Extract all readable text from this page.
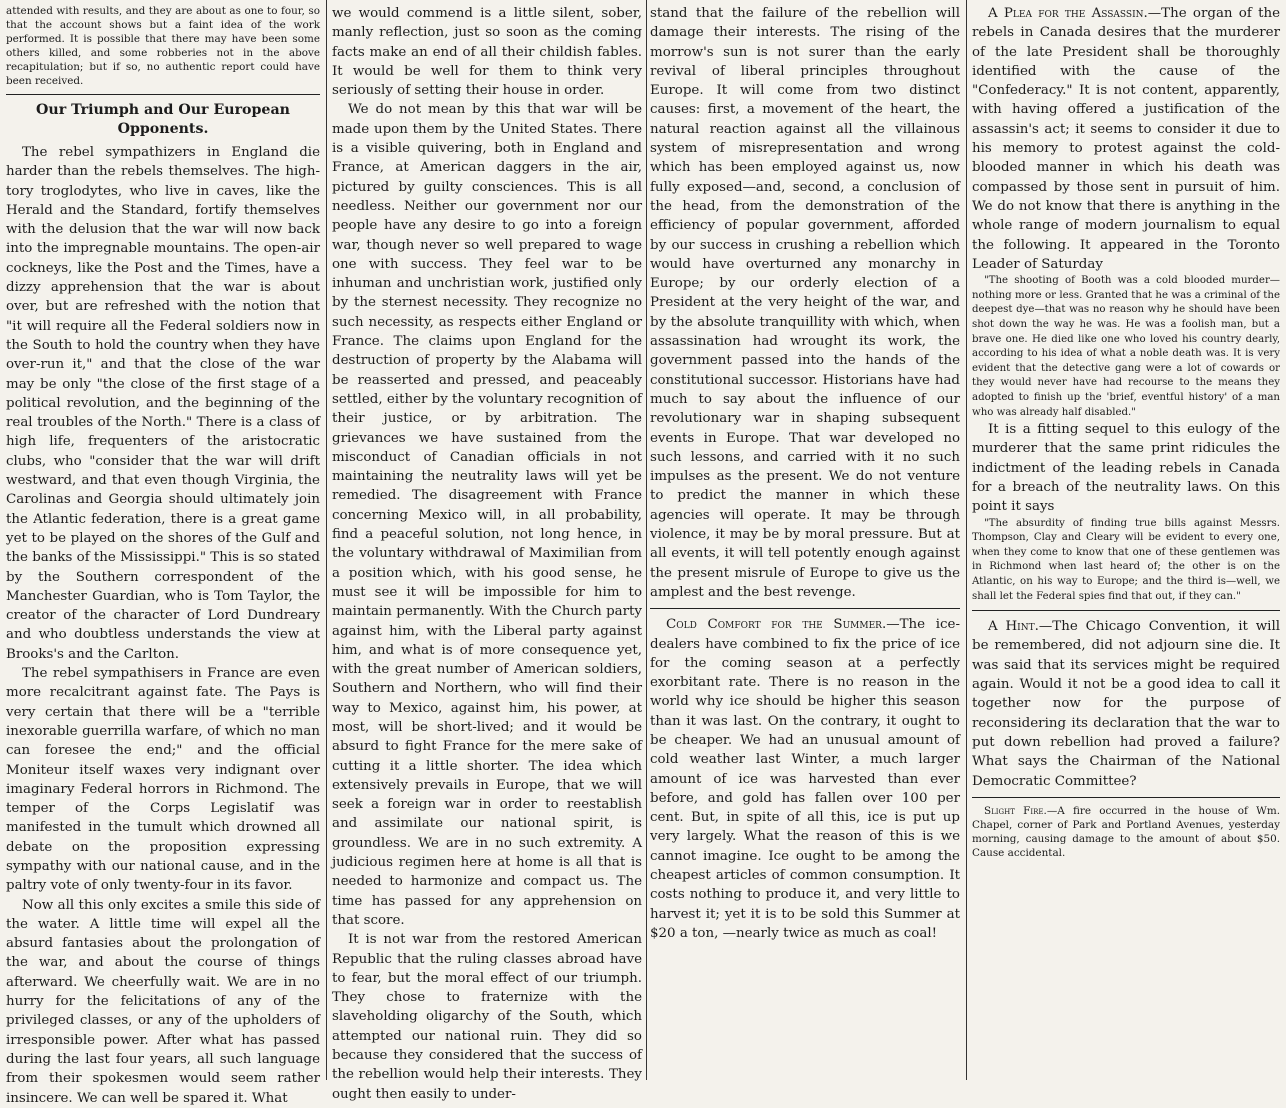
attended with results, and they are about as one to four, so that the account shows but a faint idea of the work performed. It is possible that there may have been some others killed, and some robberies not in the above recapitulation; but if so, no authentic report could have been received.

Our Triumph and Our European Opponents.

The rebel sympathizers in England die harder than the rebels themselves. The high-tory troglodytes, who live in caves, like the Herald and the Standard, fortify themselves with the delusion that the war will now back into the impregnable mountains. The open-air cockneys, like the Post and the Times, have a dizzy apprehension that the war is about over, but are refreshed with the notion that "it will require all the Federal soldiers now in the South to hold the country when they have over-run it," and that the close of the war may be only "the close of the first stage of a political revolution, and the beginning of the real troubles of the North." There is a class of high life, frequenters of the aristocratic clubs, who "consider that the war will drift westward, and that even though Virginia, the Carolinas and Georgia should ultimately join the Atlantic federation, there is a great game yet to be played on the shores of the Gulf and the banks of the Mississippi." This is so stated by the Southern correspondent of the Manchester Guardian, who is Tom Taylor, the creator of the character of Lord Dundreary and who doubtless understands the view at Brooks's and the Carlton.

The rebel sympathisers in France are even more recalcitrant against fate. The Pays is very certain that there will be a "terrible inexorable guerrilla warfare, of which no man can foresee the end;" and the official Moniteur itself waxes very indignant over imaginary Federal horrors in Richmond. The temper of the Corps Legislatif was manifested in the tumult which drowned all debate on the proposition expressing sympathy with our national cause, and in the paltry vote of only twenty-four in its favor.

Now all this only excites a smile this side of the water. A little time will expel all the absurd fantasies about the prolongation of the war, and about the course of things afterward. We cheerfully wait. We are in no hurry for the felicitations of any of the privileged classes, or any of the upholders of irresponsible power. After what has passed during the last four years, all such language from their spokesmen would seem rather insincere. We can well be spared it. What

we would commend is a little silent, sober, manly reflection, just so soon as the coming facts make an end of all their childish fables. It would be well for them to think very seriously of setting their house in order.

We do not mean by this that war will be made upon them by the United States. There is a visible quivering, both in England and France, at American daggers in the air, pictured by guilty consciences. This is all needless. Neither our government nor our people have any desire to go into a foreign war, though never so well prepared to wage one with success. They feel war to be inhuman and unchristian work, justified only by the sternest necessity. They recognize no such necessity, as respects either England or France. The claims upon England for the destruction of property by the Alabama will be reasserted and pressed, and peaceably settled, either by the voluntary recognition of their justice, or by arbitration. The grievances we have sustained from the misconduct of Canadian officials in not maintaining the neutrality laws will yet be remedied. The disagreement with France concerning Mexico will, in all probability, find a peaceful solution, not long hence, in the voluntary withdrawal of Maximilian from a position which, with his good sense, he must see it will be impossible for him to maintain permanently. With the Church party against him, with the Liberal party against him, and what is of more consequence yet, with the great number of American soldiers, Southern and Northern, who will find their way to Mexico, against him, his power, at most, will be short-lived; and it would be absurd to fight France for the mere sake of cutting it a little shorter. The idea which extensively prevails in Europe, that we will seek a foreign war in order to reestablish and assimilate our national spirit, is groundless. We are in no such extremity. A judicious regimen here at home is all that is needed to harmonize and compact us. The time has passed for any apprehension on that score.

It is not war from the restored American Republic that the ruling classes abroad have to fear, but the moral effect of our triumph. They chose to fraternize with the slaveholding oligarchy of the South, which attempted our national ruin. They did so because they considered that the success of the rebellion would help their interests. They ought then easily to under-

stand that the failure of the rebellion will damage their interests. The rising of the morrow's sun is not surer than the early revival of liberal principles throughout Europe. It will come from two distinct causes: first, a movement of the heart, the natural reaction against all the villainous system of misrepresentation and wrong which has been employed against us, now fully exposed—and, second, a conclusion of the head, from the demonstration of the efficiency of popular government, afforded by our success in crushing a rebellion which would have overturned any monarchy in Europe; by our orderly election of a President at the very height of the war, and by the absolute tranquillity with which, when assassination had wrought its work, the government passed into the hands of the constitutional successor. Historians have had much to say about the influence of our revolutionary war in shaping subsequent events in Europe. That war developed no such lessons, and carried with it no such impulses as the present. We do not venture to predict the manner in which these agencies will operate. It may be through violence, it may be by moral pressure. But at all events, it will tell potently enough against the present misrule of Europe to give us the amplest and the best revenge.

Cold Comfort for the Summer.—The ice-dealers have combined to fix the price of ice for the coming season at a perfectly exorbitant rate. There is no reason in the world why ice should be higher this season than it was last. On the contrary, it ought to be cheaper. We had an unusual amount of cold weather last Winter, a much larger amount of ice was harvested than ever before, and gold has fallen over 100 per cent. But, in spite of all this, ice is put up very largely. What the reason of this is we cannot imagine. Ice ought to be among the cheapest articles of common consumption. It costs nothing to produce it, and very little to harvest it; yet it is to be sold this Summer at $20 a ton, —nearly twice as much as coal!

A Plea for the Assassin.—The organ of the rebels in Canada desires that the murderer of the late President shall be thoroughly identified with the cause of the "Confederacy." It is not content, apparently, with having offered a justification of the assassin's act; it seems to consider it due to his memory to protest against the cold-blooded manner in which his death was compassed by those sent in pursuit of him. We do not know that there is anything in the whole range of modern journalism to equal the following. It appeared in the Toronto Leader of Saturday

"The shooting of Booth was a cold blooded murder—nothing more or less. Granted that he was a criminal of the deepest dye—that was no reason why he should have been shot down the way he was. He was a foolish man, but a brave one. He died like one who loved his country dearly, according to his idea of what a noble death was. It is very evident that the detective gang were a lot of cowards or they would never have had recourse to the means they adopted to finish up the 'brief, eventful history' of a man who was already half disabled."

It is a fitting sequel to this eulogy of the murderer that the same print ridicules the indictment of the leading rebels in Canada for a breach of the neutrality laws. On this point it says

"The absurdity of finding true bills against Messrs. Thompson, Clay and Cleary will be evident to every one, when they come to know that one of these gentlemen was in Richmond when last heard of; the other is on the Atlantic, on his way to Europe; and the third is—well, we shall let the Federal spies find that out, if they can."

A Hint.—The Chicago Convention, it will be remembered, did not adjourn sine die. It was said that its services might be required again. Would it not be a good idea to call it together now for the purpose of reconsidering its declaration that the war to put down rebellion had proved a failure? What says the Chairman of the National Democratic Committee?

Slight Fire.—A fire occurred in the house of Wm. Chapel, corner of Park and Portland Avenues, yesterday morning, causing damage to the amount of about $50. Cause accidental.
